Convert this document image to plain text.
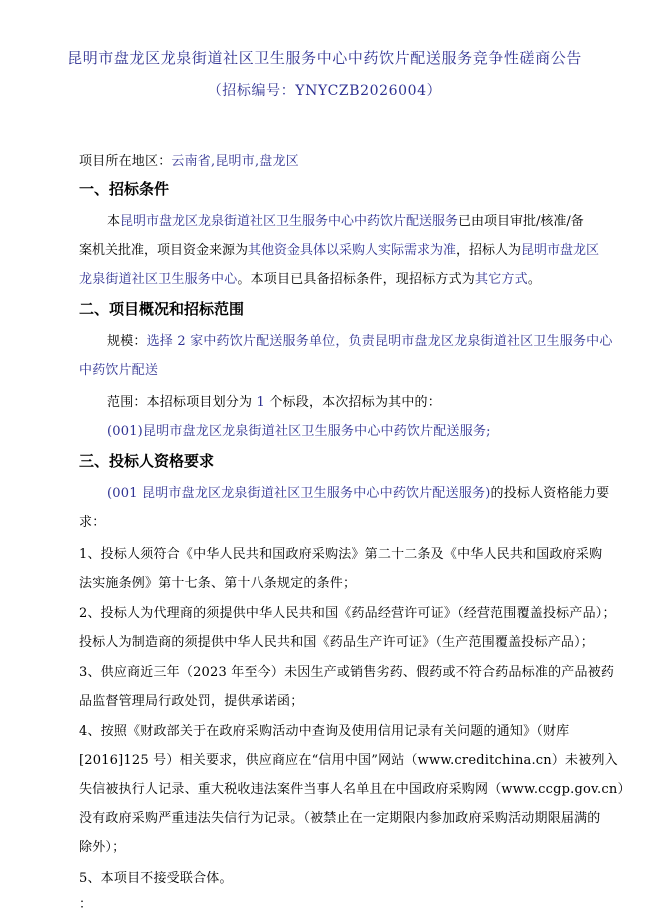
昆明市盘龙区龙泉街道社区卫生服务中心中药饮片配送服务竞争性磋商公告
（招标编号：YNYCZB2026004）
项目所在地区：云南省,昆明市,盘龙区
一、招标条件
本昆明市盘龙区龙泉街道社区卫生服务中心中药饮片配送服务已由项目审批/核准/备
案机关批准，项目资金来源为其他资金具体以采购人实际需求为准，招标人为昆明市盘龙区
龙泉街道社区卫生服务中心。本项目已具备招标条件，现招标方式为其它方式。
二、项目概况和招标范围
规模：选择 2 家中药饮片配送服务单位，负责昆明市盘龙区龙泉街道社区卫生服务中心
中药饮片配送
范围：本招标项目划分为 1 个标段，本次招标为其中的：
(001)昆明市盘龙区龙泉街道社区卫生服务中心中药饮片配送服务;
三、投标人资格要求
(001 昆明市盘龙区龙泉街道社区卫生服务中心中药饮片配送服务)的投标人资格能力要
求：
1、投标人须符合《中华人民共和国政府采购法》第二十二条及《中华人民共和国政府采购
法实施条例》第十七条、第十八条规定的条件；
2、投标人为代理商的须提供中华人民共和国《药品经营许可证》（经营范围覆盖投标产品）；
投标人为制造商的须提供中华人民共和国《药品生产许可证》（生产范围覆盖投标产品）；
3、供应商近三年（2023 年至今）未因生产或销售劣药、假药或不符合药品标准的产品被药
品监督管理局行政处罚，提供承诺函；
4、按照《财政部关于在政府采购活动中查询及使用信用记录有关问题的通知》（财库
[2016]125 号）相关要求，供应商应在“信用中国”网站（www.creditchina.cn）未被列入
失信被执行人记录、重大税收违法案件当事人名单且在中国政府采购网（www.ccgp.gov.cn）
没有政府采购严重违法失信行为记录。（被禁止在一定期限内参加政府采购活动期限届满的
除外）；
5、本项目不接受联合体。
：
